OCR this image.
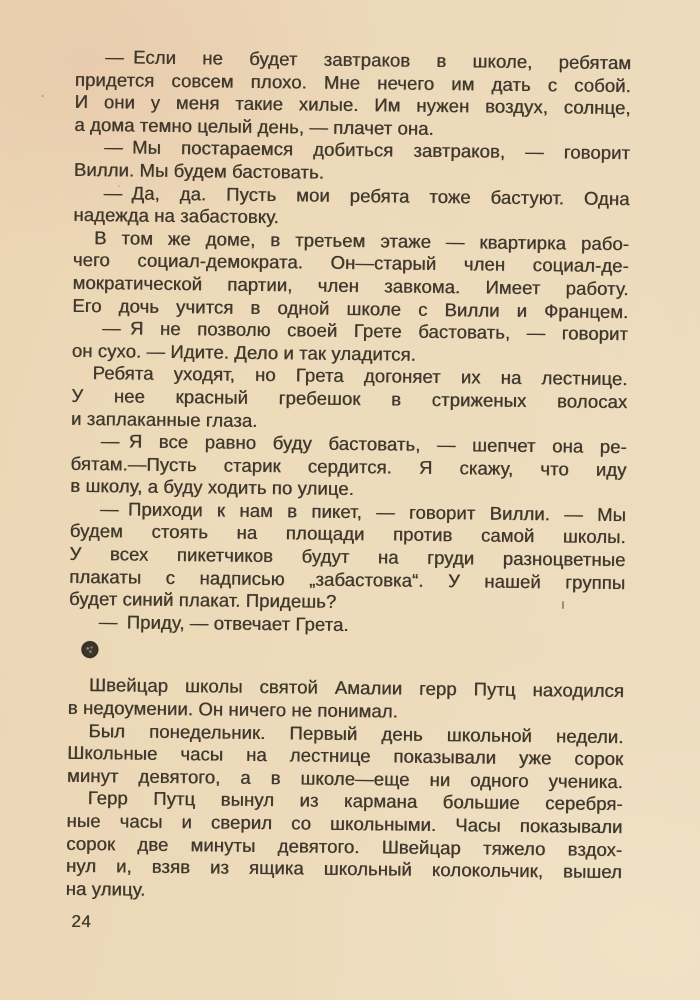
— Если не будет завтраков в школе, ребятам
придется совсем плохо. Мне нечего им дать с собой.
И они у меня такие хилые. Им нужен воздух, солнце,
а дома темно целый день, — плачет она.
— Мы постараемся добиться завтраков, — говорит
Вилли. Мы будем бастовать.
— Да, да. Пусть мои ребята тоже бастуют. Одна
надежда на забастовку.
В том же доме, в третьем этаже — квартирка рабо-
чего социал-демократа. Он—старый член социал-де-
мократической партии, член завкома. Имеет работу.
Его дочь учится в одной школе с Вилли и Францем.
— Я не позволю своей Грете бастовать, — говорит
он сухо. — Идите. Дело и так уладится.
Ребята уходят, но Грета догоняет их на лестнице.
У нее красный гребешок в стриженых волосах
и заплаканные глаза.
— Я все равно буду бастовать, — шепчет она ре-
бятам.—Пусть старик сердится. Я скажу, что иду
в школу, а буду ходить по улице.
— Приходи к нам в пикет, — говорит Вилли. — Мы
будем стоять на площади против самой школы.
У всех пикетчиков будут на груди разноцветные
плакаты с надписью „забастовка“. У нашей группы
будет синий плакат. Придешь?
— Приду, — отвечает Грета.
Швейцар школы святой Амалии герр Путц находился
в недоумении. Он ничего не понимал.
Был понедельник. Первый день школьной недели.
Школьные часы на лестнице показывали уже сорок
минут девятого, а в школе—еще ни одного ученика.
Герр Путц вынул из кармана большие серебря-
ные часы и сверил со школьными. Часы показывали
сорок две минуты девятого. Швейцар тяжело вздох-
нул и, взяв из ящика школьный колокольчик, вышел
на улицу.
24
